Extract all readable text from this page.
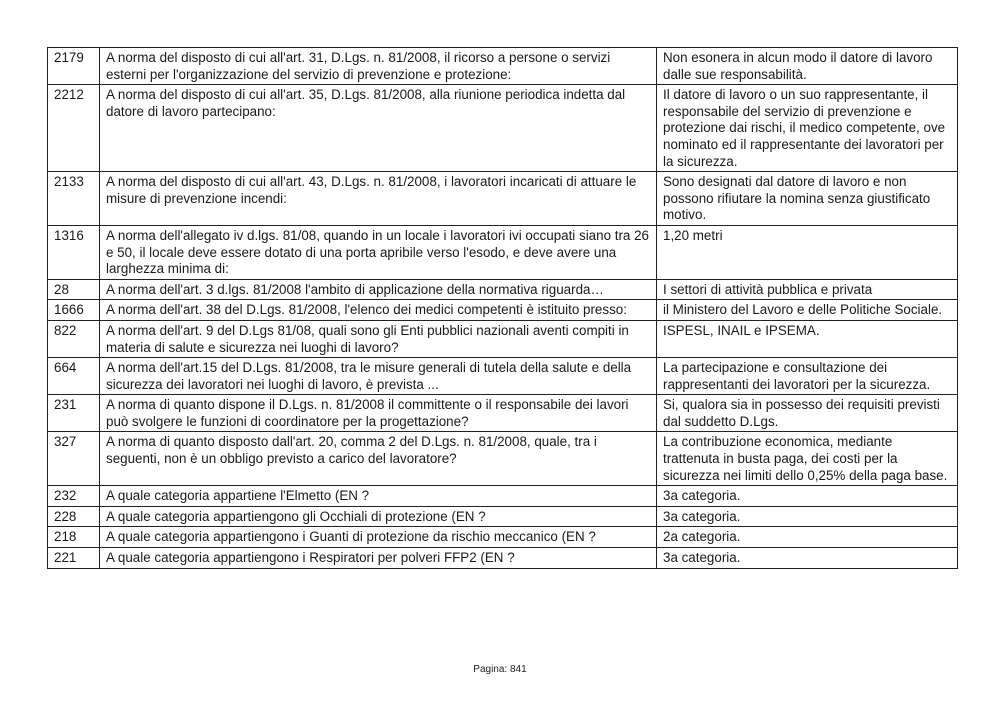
2179	A norma del disposto di cui all'art. 31, D.Lgs. n. 81/2008, il ricorso a persone o servizi esterni per l'organizzazione del servizio di prevenzione e protezione:	Non esonera in alcun modo il datore di lavoro dalle sue responsabilità.
2212	A norma del disposto di cui all'art. 35, D.Lgs. 81/2008, alla riunione periodica indetta dal datore di lavoro partecipano:	Il datore di lavoro o un suo rappresentante, il responsabile del servizio di prevenzione e protezione dai rischi, il medico competente, ove nominato ed il rappresentante dei lavoratori per la sicurezza.
2133	A norma del disposto di cui all'art. 43, D.Lgs. n. 81/2008, i lavoratori incaricati di attuare le misure di prevenzione incendi:	Sono designati dal datore di lavoro e non possono rifiutare la nomina senza giustificato motivo.
1316	A norma dell'allegato iv d.lgs. 81/08, quando in un locale i lavoratori ivi occupati siano tra 26 e 50, il locale deve essere dotato di una porta apribile verso l'esodo, e deve avere una larghezza minima di:	1,20 metri
28	A norma dell'art. 3 d.lgs. 81/2008 l'ambito di applicazione della normativa riguarda…	I settori di attività pubblica e privata
1666	A norma dell'art. 38 del D.Lgs. 81/2008, l'elenco dei medici competenti è istituito presso:	il Ministero del Lavoro e delle Politiche Sociale.
822	A norma dell'art. 9 del D.Lgs 81/08, quali sono gli Enti pubblici nazionali aventi compiti in materia di salute e sicurezza nei luoghi di lavoro?	ISPESL, INAIL e IPSEMA.
664	A norma dell'art.15 del D.Lgs. 81/2008, tra le misure generali di tutela della salute e della sicurezza dei lavoratori nei luoghi di lavoro, è prevista ...	La partecipazione e consultazione dei rappresentanti dei lavoratori per la sicurezza.
231	A norma di quanto dispone il D.Lgs. n. 81/2008 il committente o il responsabile dei lavori può svolgere le funzioni di coordinatore per la progettazione?	Si, qualora sia in possesso dei requisiti previsti dal suddetto D.Lgs.
327	A norma di quanto disposto dall'art. 20, comma 2 del D.Lgs. n. 81/2008, quale, tra i seguenti, non è un obbligo previsto a carico del lavoratore?	La contribuzione economica, mediante trattenuta in busta paga, dei costi per la sicurezza nei limiti dello 0,25% della paga base.
232	A quale categoria appartiene l'Elmetto (EN ?	3a categoria.
228	A quale categoria appartiengono gli Occhiali di protezione (EN ?	3a categoria.
218	A quale categoria appartiengono i Guanti di protezione da rischio meccanico (EN ?	2a categoria.
221	A quale categoria appartiengono i Respiratori per polveri FFP2 (EN ?	3a categoria.
Pagina: 841
